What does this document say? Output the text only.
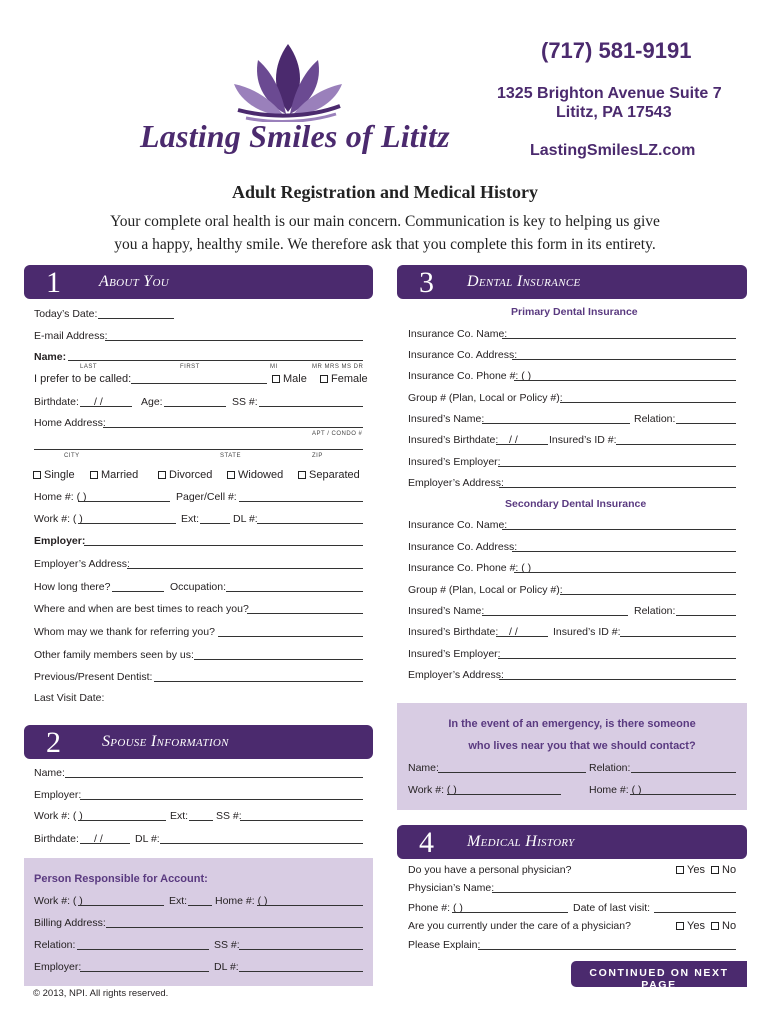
Lasting Smiles of Lititz
(717) 581-9191
1325 Brighton Avenue Suite 7
Lititz, PA 17543
LastingSmilesLZ.com
Adult Registration and Medical History
Your complete oral health is our main concern. Communication is key to helping us give
you a happy, healthy smile. We therefore ask that you complete this form in its entirety.
1 About You
Today’s Date:
E-mail Address:
Name:
LAST	FIRST	MI	MR MRS MS DR
I prefer to be called:	Male	Female
Birthdate: / /	Age:	SS #:
Home Address:
APT / CONDO #
CITY	STATE	ZIP
Single	Married	Divorced	Widowed	Separated
Home #: ( )	Pager/Cell #:
Work #: ( )	Ext:	DL #:
Employer:
Employer’s Address:
How long there?	Occupation:
Where and when are best times to reach you?
Whom may we thank for referring you?
Other family members seen by us:
Previous/Present Dentist:
Last Visit Date:
2	Spouse Information
Name:
Employer:
Work #: ( )	Ext:	SS #:
Birthdate: / /	DL #:
Person Responsible for Account:
Work #: ( )	Ext:	Home #: ( )
Billing Address:
Relation:	SS #:
Employer:	DL #:
© 2013, NPI. All rights reserved.
3 Dental Insurance
Primary Dental Insurance
Insurance Co. Name:
Insurance Co. Address:
Insurance Co. Phone #: ( )
Group # (Plan, Local or Policy #):
Insured’s Name:	Relation:
Insured’s Birthdate: / /	Insured’s ID #:
Insured’s Employer:
Employer’s Address:
Secondary Dental Insurance
Insurance Co. Name:
Insurance Co. Address:
Insurance Co. Phone #: ( )
Group # (Plan, Local or Policy #):
Insured’s Name:	Relation:
Insured’s Birthdate: / /	Insured’s ID #:
Insured’s Employer:
Employer’s Address:
In the event of an emergency, is there someone
who lives near you that we should contact?
Name:	Relation:
Work #: ( )	Home #: ( )
4 Medical History
Do you have a personal physician?	Yes	No
Physician’s Name:
Phone #: ( )	Date of last visit:
Are you currently under the care of a physician?	Yes	No
Please Explain:
CONTINUED ON NEXT PAGE
